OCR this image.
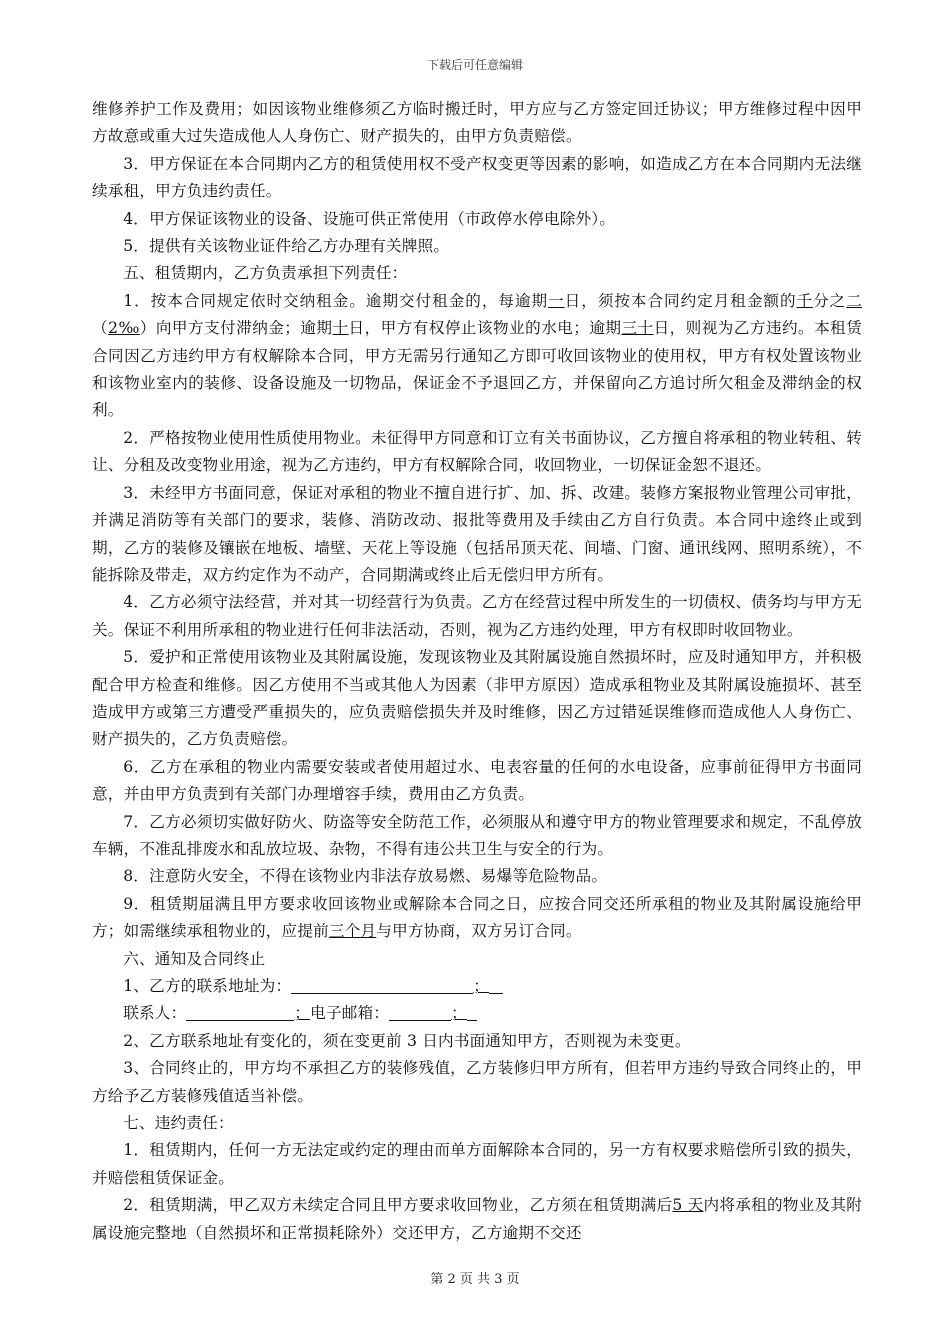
下载后可任意编辑

维修养护工作及费用；如因该物业维修须乙方临时搬迁时，甲方应与乙方签定回迁协议；甲方维修过程中因甲方故意或重大过失造成他人人身伤亡、财产损失的，由甲方负责赔偿。

3．甲方保证在本合同期内乙方的租赁使用权不受产权变更等因素的影响，如造成乙方在本合同期内无法继续承租，甲方负违约责任。

4．甲方保证该物业的设备、设施可供正常使用（市政停水停电除外）。

5．提供有关该物业证件给乙方办理有关牌照。

五、租赁期内，乙方负责承担下列责任：

1．按本合同规定依时交纳租金。逾期交付租金的，每逾期一日，须按本合同约定月租金额的千分之二（2‰）向甲方支付滞纳金；逾期十日，甲方有权停止该物业的水电；逾期三十日，则视为乙方违约。本租赁合同因乙方违约甲方有权解除本合同，甲方无需另行通知乙方即可收回该物业的使用权，甲方有权处置该物业和该物业室内的装修、设备设施及一切物品，保证金不予退回乙方，并保留向乙方追讨所欠租金及滞纳金的权利。

2．严格按物业使用性质使用物业。未征得甲方同意和订立有关书面协议，乙方擅自将承租的物业转租、转让、分租及改变物业用途，视为乙方违约，甲方有权解除合同，收回物业，一切保证金恕不退还。

3．未经甲方书面同意，保证对承租的物业不擅自进行扩、加、拆、改建。装修方案报物业管理公司审批，并满足消防等有关部门的要求，装修、消防改动、报批等费用及手续由乙方自行负责。本合同中途终止或到期，乙方的装修及镶嵌在地板、墙壁、天花上等设施（包括吊顶天花、间墙、门窗、通讯线网、照明系统），不能拆除及带走，双方约定作为不动产，合同期满或终止后无偿归甲方所有。

4．乙方必须守法经营，并对其一切经营行为负责。乙方在经营过程中所发生的一切债权、债务均与甲方无关。保证不利用所承租的物业进行任何非法活动，否则，视为乙方违约处理，甲方有权即时收回物业。

5．爱护和正常使用该物业及其附属设施，发现该物业及其附属设施自然损坏时，应及时通知甲方，并积极配合甲方检查和维修。因乙方使用不当或其他人为因素（非甲方原因）造成承租物业及其附属设施损坏、甚至造成甲方或第三方遭受严重损失的，应负责赔偿损失并及时维修，因乙方过错延误维修而造成他人人身伤亡、财产损失的，乙方负责赔偿。

6．乙方在承租的物业内需要安装或者使用超过水、电表容量的任何的水电设备，应事前征得甲方书面同意，并由甲方负责到有关部门办理增容手续，费用由乙方负责。

7．乙方必须切实做好防火、防盗等安全防范工作，必须服从和遵守甲方的物业管理要求和规定，不乱停放车辆，不准乱排废水和乱放垃圾、杂物，不得有违公共卫生与安全的行为。

8．注意防火安全，不得在该物业内非法存放易燃、易爆等危险物品。

9．租赁期届满且甲方要求收回该物业或解除本合同之日，应按合同交还所承租的物业及其附属设施给甲方；如需继续承租物业的，应提前三个月与甲方协商，双方另订合同。

六、通知及合同终止

1、乙方的联系地址为：	；

联系人：	；电子邮箱：	；

2、乙方联系地址有变化的，须在变更前 3 日内书面通知甲方，否则视为未变更。

3、合同终止的，甲方均不承担乙方的装修残值，乙方装修归甲方所有，但若甲方违约导致合同终止的，甲方给予乙方装修残值适当补偿。

七、违约责任：

1．租赁期内，任何一方无法定或约定的理由而单方面解除本合同的，另一方有权要求赔偿所引致的损失，并赔偿租赁保证金。

2．租赁期满，甲乙双方未续定合同且甲方要求收回物业，乙方须在租赁期满后5 天内将承租的物业及其附属设施完整地（自然损坏和正常损耗除外）交还甲方，乙方逾期不交还

第 2 页 共 3 页
